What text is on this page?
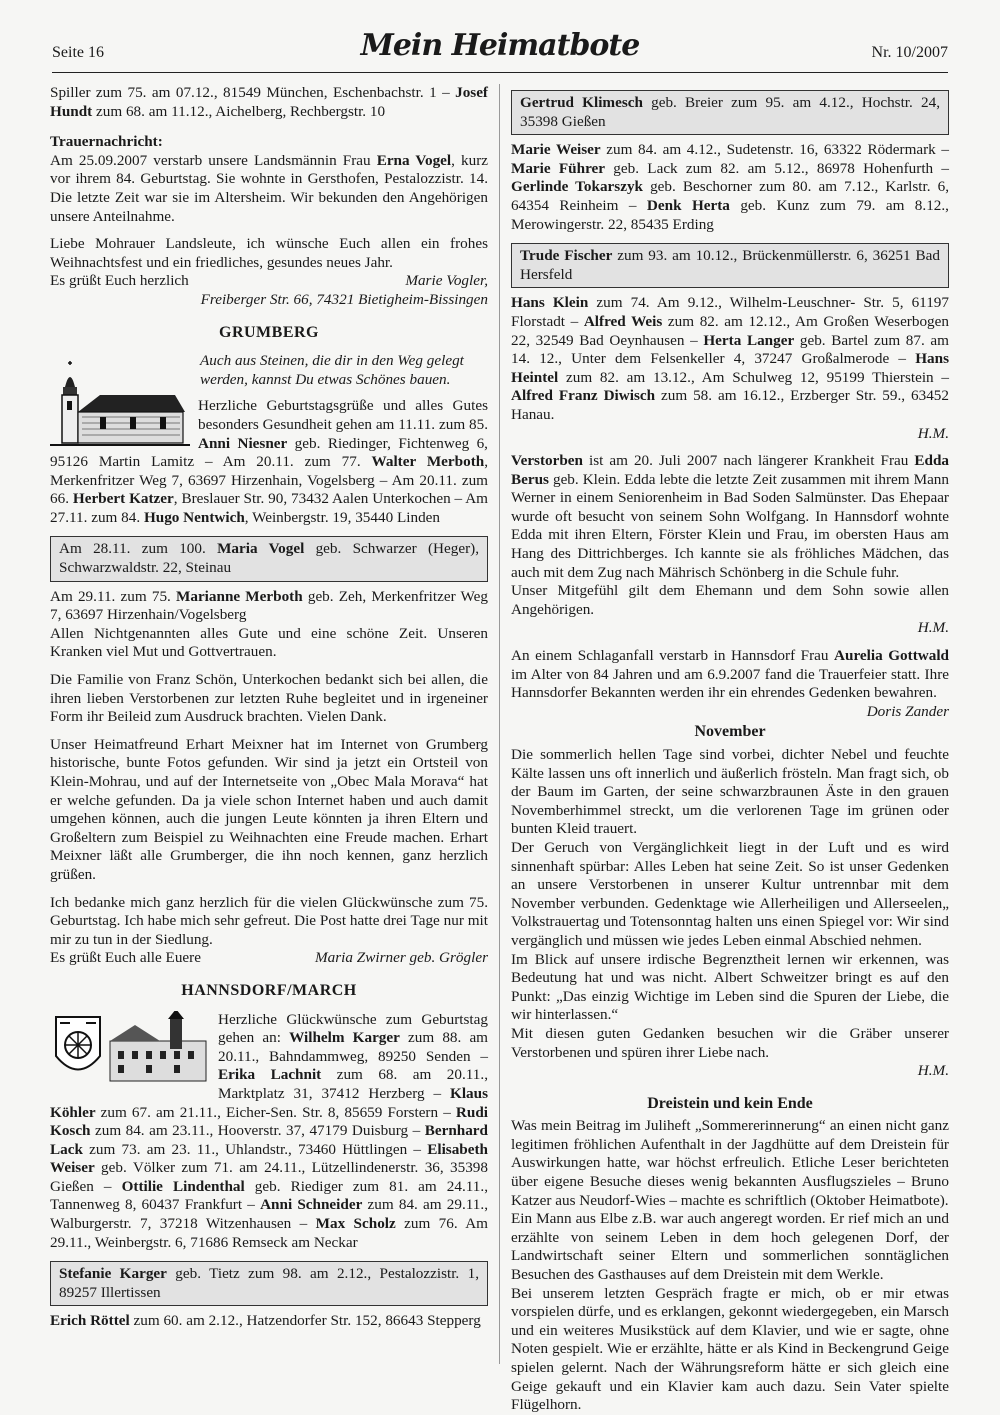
Seite 16	Mein Heimatbote	Nr. 10/2007

Spiller zum 75. am 07.12., 81549 München, Eschenbachstr. 1 – Josef Hundt zum 68. am 11.12., Aichelberg, Rechbergstr. 10

Trauernachricht:

Am 25.09.2007 verstarb unsere Landsmännin Frau Erna Vogel, kurz vor ihrem 84. Geburtstag. Sie wohnte in Gersthofen, Pestalozzistr. 14. Die letzte Zeit war sie im Altersheim. Wir bekunden den Angehörigen unsere Anteilnahme.

Liebe Mohrauer Landsleute, ich wünsche Euch allen ein frohes Weihnachtsfest und ein friedliches, gesundes neues Jahr.

Es grüßt Euch herzlich	Marie Vogler,

Freiberger Str. 66, 74321 Bietigheim-Bissingen

GRUMBERG
Auch aus Steinen, die dir in den Weg gelegt werden, kannst Du etwas Schönes bauen.

Herzliche Geburtstagsgrüße und alles Gutes besonders Gesundheit gehen am 11.11. zum 85. Anni Niesner geb. Riedinger, Fichtenweg 6, 95126 Martin Lamitz – Am 20.11. zum 77. Walter Merboth, Merkenfritzer Weg 7, 63697 Hirzenhain, Vogelsberg – Am 20.11. zum 66. Herbert Katzer, Breslauer Str. 90, 73432 Aalen Unterkochen – Am 27.11. zum 84. Hugo Nentwich, Weinbergstr. 19, 35440 Linden

Am 28.11. zum 100. Maria Vogel geb. Schwarzer (Heger), Schwarzwaldstr. 22, Steinau

Am 29.11. zum 75. Marianne Merboth geb. Zeh, Merkenfritzer Weg 7, 63697 Hirzenhain/Vogelsberg

Allen Nichtgenannten alles Gute und eine schöne Zeit. Unseren Kranken viel Mut und Gottvertrauen.

Die Familie von Franz Schön, Unterkochen bedankt sich bei allen, die ihren lieben Verstorbenen zur letzten Ruhe begleitet und in irgeneiner Form ihr Beileid zum Ausdruck brachten. Vielen Dank.

Unser Heimatfreund Erhart Meixner hat im Internet von Grumberg historische, bunte Fotos gefunden. Wir sind ja jetzt ein Ortsteil von Klein-Mohrau, und auf der Internetseite von „Obec Mala Morava“ hat er welche gefunden. Da ja viele schon Internet haben und auch damit umgehen können, auch die jungen Leute könnten ja ihren Eltern und Großeltern zum Beispiel zu Weihnachten eine Freude machen. Erhart Meixner läßt alle Grumberger, die ihn noch kennen, ganz herzlich grüßen.

Ich bedanke mich ganz herzlich für die vielen Glückwünsche zum 75. Geburtstag. Ich habe mich sehr gefreut. Die Post hatte drei Tage nur mit mir zu tun in der Siedlung.

Es grüßt Euch alle Euere	Maria Zwirner geb. Grögler
HANNSDORF/MARCH

Herzliche Glückwünsche zum Geburtstag gehen an: Wilhelm Karger zum 88. am 20.11., Bahndammweg, 89250 Senden – Erika Lachnit zum 68. am 20.11., Marktplatz 31, 37412 Herzberg – Klaus Köhler zum 67. am 21.11., Eicher-Sen. Str. 8, 85659 Forstern – Rudi Kosch zum 84. am 23.11., Hooverstr. 37, 47179 Duisburg – Bernhard Lack zum 73. am 23. 11., Uhlandstr., 73460 Hüttlingen – Elisabeth Weiser geb. Völker zum 71. am 24.11., Lützellindenerstr. 36, 35398 Gießen – Ottilie Lindenthal geb. Riediger zum 81. am 24.11., Tannenweg 8, 60437 Frankfurt – Anni Schneider zum 84. am 29.11., Walburgerstr. 7, 37218 Witzenhausen – Max Scholz zum 76. Am 29.11., Weinbergstr. 6, 71686 Remseck am Neckar

Stefanie Karger geb. Tietz zum 98. am 2.12., Pestalozzistr. 1, 89257 Illertissen

Erich Röttel zum 60. am 2.12., Hatzendorfer Str. 152, 86643 Stepperg

Gertrud Klimesch geb. Breier zum 95. am 4.12., Hochstr. 24, 35398 Gießen

Marie Weiser zum 84. am 4.12., Sudetenstr. 16, 63322 Rödermark – Marie Führer geb. Lack zum 82. am 5.12., 86978 Hohenfurth – Gerlinde Tokarszyk geb. Beschorner zum 80. am 7.12., Karlstr. 6, 64354 Reinheim – Denk Herta geb. Kunz zum 79. am 8.12., Merowingerstr. 22, 85435 Erding

Trude Fischer zum 93. am 10.12., Brückenmüllerstr. 6, 36251 Bad Hersfeld

Hans Klein zum 74. Am 9.12., Wilhelm-Leuschner- Str. 5, 61197 Florstadt – Alfred Weis zum 82. am 12.12., Am Großen Weserbogen 22, 32549 Bad Oeynhausen – Herta Langer geb. Bartel zum 87. am 14. 12., Unter dem Felsenkeller 4, 37247 Großalmerode – Hans Heintel zum 82. am 13.12., Am Schulweg 12, 95199 Thierstein – Alfred Franz Diwisch zum 58. am 16.12., Erzberger Str. 59., 63452 Hanau.

H.M.

Verstorben ist am 20. Juli 2007 nach längerer Krankheit Frau Edda Berus geb. Klein. Edda lebte die letzte Zeit zusammen mit ihrem Mann Werner in einem Seniorenheim in Bad Soden Salmünster. Das Ehepaar wurde oft besucht von seinem Sohn Wolfgang. In Hannsdorf wohnte Edda mit ihren Eltern, Förster Klein und Frau, im obersten Haus am Hang des Dittrichberges. Ich kannte sie als fröhliches Mädchen, das auch mit dem Zug nach Mährisch Schönberg in die Schule fuhr.

Unser Mitgefühl gilt dem Ehemann und dem Sohn sowie allen Angehörigen.

H.M.

An einem Schlaganfall verstarb in Hannsdorf Frau Aurelia Gottwald im Alter von 84 Jahren und am 6.9.2007 fand die Trauerfeier statt. Ihre Hannsdorfer Bekannten werden ihr ein ehrendes Gedenken bewahren.

Doris Zander
November

Die sommerlich hellen Tage sind vorbei, dichter Nebel und feuchte Kälte lassen uns oft innerlich und äußerlich frösteln. Man fragt sich, ob der Baum im Garten, der seine schwarzbraunen Äste in den grauen Novemberhimmel streckt, um die verlorenen Tage im grünen oder bunten Kleid trauert.

Der Geruch von Vergänglichkeit liegt in der Luft und es wird sinnenhaft spürbar: Alles Leben hat seine Zeit. So ist unser Gedenken an unsere Verstorbenen in unserer Kultur untrennbar mit dem November verbunden. Gedenktage wie Allerheiligen und Allerseelen„ Volkstrauertag und Totensonntag halten uns einen Spiegel vor: Wir sind vergänglich und müssen wie jedes Leben einmal Abschied nehmen.

Im Blick auf unsere irdische Begrenztheit lernen wir erkennen, was Bedeutung hat und was nicht. Albert Schweitzer bringt es auf den Punkt: „Das einzig Wichtige im Leben sind die Spuren der Liebe, die wir hinterlassen.“

Mit diesen guten Gedanken besuchen wir die Gräber unserer Verstorbenen und spüren ihrer Liebe nach.

H.M.

Dreistein und kein Ende

Was mein Beitrag im Juliheft „Sommererinnerung“ an einen nicht ganz legitimen fröhlichen Aufenthalt in der Jagdhütte auf dem Dreistein für Auswirkungen hatte, war höchst erfreulich. Etliche Leser berichteten über eigene Besuche dieses wenig bekannten Ausflugszieles – Bruno Katzer aus Neudorf-Wies – machte es schriftlich (Oktober Heimatbote).

Ein Mann aus Elbe z.B. war auch angeregt worden. Er rief mich an und erzählte von seinem Leben in dem hoch gelegenen Dorf, der Landwirtschaft seiner Eltern und sommerlichen sonntäglichen Besuchen des Gasthauses auf dem Dreistein mit dem Werkle.

Bei unserem letzten Gespräch fragte er mich, ob er mir etwas vorspielen dürfe, und es erklangen, gekonnt wiedergegeben, ein Marsch und ein weiteres Musikstück auf dem Klavier, und wie er sagte, ohne Noten gespielt. Wie er erzählte, hätte er als Kind in Beckengrund Geige spielen gelernt. Nach der Währungsreform hätte er sich gleich eine Geige gekauft und ein Klavier kam auch dazu. Sein Vater spielte Flügelhorn.
